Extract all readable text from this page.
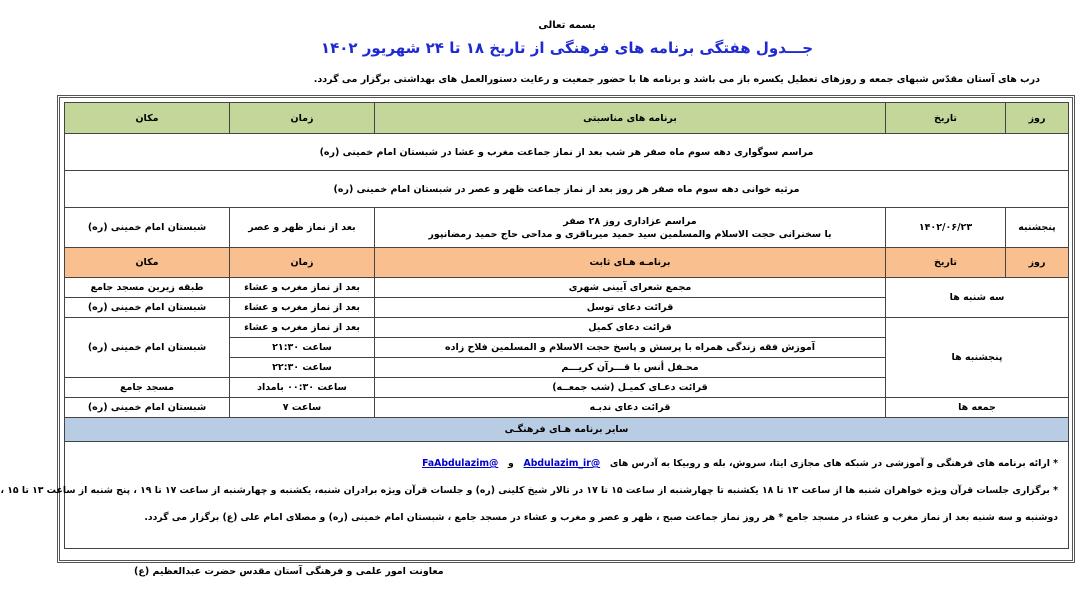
بسمه تعالی
جـــدول هفتگی برنامه های فرهنگی از تاریخ ۱۸ تا ۲۴ شهریور ۱۴۰۲
درب های آستان مقدّس شبهای جمعه و روزهای تعطیل یکسره باز می باشد و برنامه ها با حضور جمعیت و رعایت دستورالعمل های بهداشتی برگزار می گردد.
روز	تاریخ	برنامه های مناسبتی	زمان	مکان
مراسم سوگواری دهه سوم ماه صفر هر شب بعد از نماز جماعت مغرب و عشا در شبستان امام خمینی (ره)				
مرثیه خوانی دهه سوم ماه صفر هر روز بعد از نماز جماعت ظهر و عصر در شبستان امام خمینی (ره)				
پنجشنبه	۱۴۰۲/۰۶/۲۳	مراسم عزاداری روز ۲۸ صفر
با سخنرانی حجت الاسلام والمسلمین سید حمید میرباقری و مداحی حاج حمید رمضانپور	بعد از نماز ظهر و عصر	شبستان امام خمینی (ره)
روز	تاریخ	برنامـه هـای ثابت	زمان	مکان
سه شنبه ها		مجمع شعرای آیینی شهری	بعد از نماز مغرب و عشاء	طبقه زیرین مسجد جامع
		قرائت دعای توسل	بعد از نماز مغرب و عشاء	شبستان امام خمینی (ره)
پنجشنبه ها		قرائت دعای کمیل	بعد از نماز مغرب و عشاء	شبستان امام خمینی (ره)
		آموزش فقه زندگی همراه با پرسش و پاسخ حجت الاسلام و المسلمین فلاح زاده	ساعت ۲۱:۳۰	
		محـفل أنس با قـــرآن کریـــم	ساعت ۲۲:۳۰	
		قرائت دعـای کمیـل (شب جمعــه)	ساعت ۰۰:۳۰ بامداد	مسجد جامع
جمعه ها		قرائت دعای ندبـه	ساعت ۷	شبستان امام خمینی (ره)
سایر برنامه هـای فرهنگـی				

* ارائه برنامه های فرهنگی و آموزشی در شبکه های مجازی ایتا، سروش، بله و روبیکا به آدرس های   @Abdulazim_ir   و   @FaAbdulazim
* برگزاری جلسات قرآن ویژه خواهران شنبه ها از ساعت ۱۳ تا ۱۸ یکشنبه تا چهارشنبه از ساعت ۱۵ تا ۱۷ در تالار شیخ کلینی (ره) و جلسات قرآن ویژه برادران شنبه، یکشنبه و چهارشنبه از ساعت ۱۷ تا ۱۹ ، پنج شنبه از ساعت ۱۳ تا ۱۵ ،
دوشنبه و سه شنبه بعد از نماز مغرب و عشاء در مسجد جامع * هر روز نماز جماعت صبح ، ظهر و عصر و مغرب و عشاء در مسجد جامع ، شبستان امام خمینی (ره) و مصلای امام علی (ع) برگزار می گردد.				
معاونت امور علمی و فرهنگی آستان مقدس حضرت عبدالعظیم (ع)
